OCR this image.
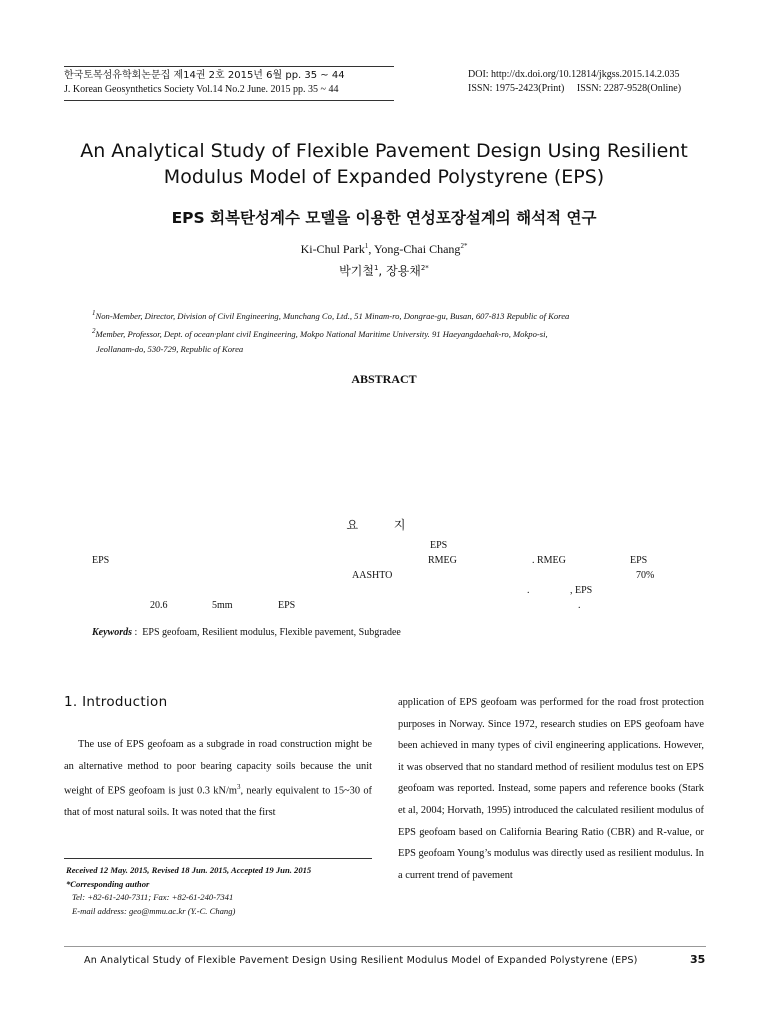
한국토목섬유학회논문집 제14권 2호 2015년 6월 pp. 35 ~ 44
J. Korean Geosynthetics Society Vol.14 No.2 June. 2015 pp. 35 ~ 44
DOI: http://dx.doi.org/10.12814/jkgss.2015.14.2.035
ISSN: 1975-2423(Print)     ISSN: 2287-9528(Online)
An Analytical Study of Flexible Pavement Design Using Resilient
Modulus Model of Expanded Polystyrene (EPS)
EPS 회복탄성계수 모델을 이용한 연성포장설계의 해석적 연구
Ki-Chul Park$^1$, Yong-Chai Chang$^{2*}$
박기철$^1$, 장용채$^{2*}$
$^1$Non-Member, Director, Division of Civil Engineering, Munchang Co, Ltd., 51 Minam-ro, Dongrae-gu, Busan, 607-813 Republic of Korea
$^2$Member, Professor, Dept. of ocean·plant civil Engineering, Mokpo National Maritime University. 91 Haeyangdaehak-ro, Mokpo-si,
Jeollanam-do, 530-729, Republic of Korea
ABSTRACT
요 지
EPS
EPS	RMEG	. RMEG	EPS
AASHTO	70%
.	, EPS
20.6	5mm	EPS	.
Keywords :  EPS geofoam, Resilient modulus, Flexible pavement, Subgradee
1. Introduction
The use of EPS geofoam as a subgrade in road construction might be an alternative method to poor bearing capacity soils because the unit weight of EPS geofoam is just 0.3 $kN/m^3$, nearly equivalent to 15~30 of that of most natural soils. It was noted that the first
application of EPS geofoam was performed for the road frost protection purposes in Norway. Since 1972, research studies on EPS geofoam have been achieved in many types of civil engineering applications. However, it was observed that no standard method of resilient modulus test on EPS geofoam was reported. Instead, some papers and reference books (Stark et al, 2004; Horvath, 1995) introduced the calculated resilient modulus of EPS geofoam based on California Bearing Ratio (CBR) and R-value, or EPS geofoam Young’s modulus was directly used as resilient modulus. In a current trend of pavement
Received 12 May. 2015, Revised 18 Jun. 2015, Accepted 19 Jun. 2015
*Corresponding author
Tel: +82-61-240-7311; Fax: +82-61-240-7341
E-mail address: geo@mmu.ac.kr (Y.-C. Chang)
An Analytical Study of Flexible Pavement Design Using Resilient Modulus Model of Expanded Polystyrene (EPS)	35
